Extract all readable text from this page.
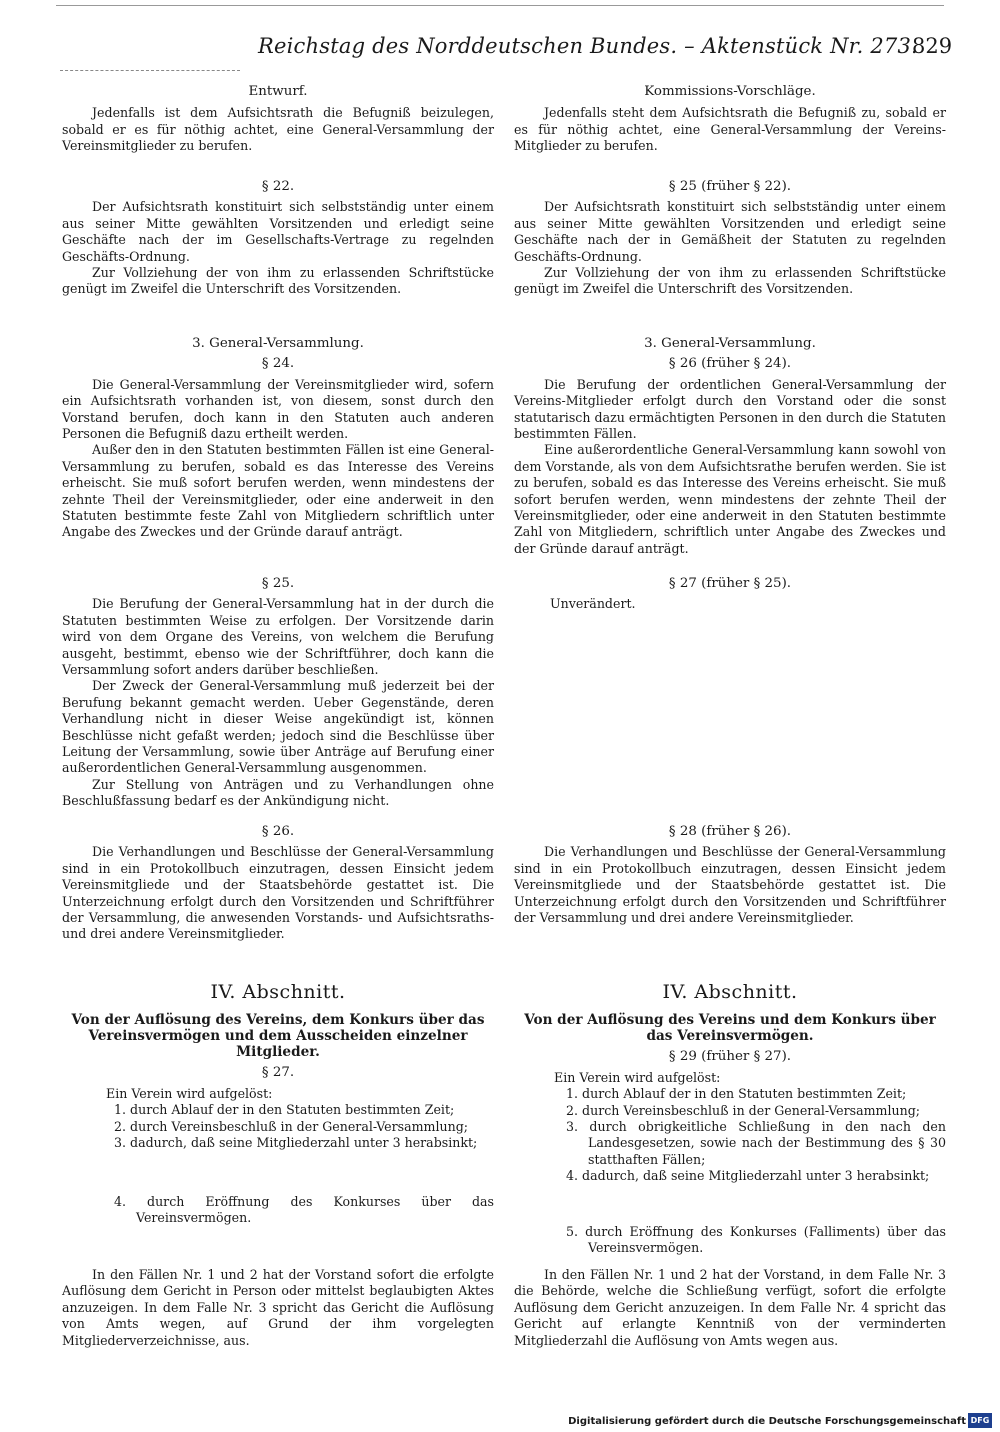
Reichstag des Norddeutschen Bundes. – Aktenstück Nr. 273.
829
Entwurf.

Jedenfalls ist dem Aufsichtsrath die Befugniß beizulegen, sobald er es für nöthig achtet, eine General-Versammlung der Vereinsmitglieder zu berufen.

§ 22.

Der Aufsichtsrath konstituirt sich selbstständig unter einem aus seiner Mitte gewählten Vorsitzenden und erledigt seine Geschäfte nach der im Gesellschafts-Vertrage zu regelnden Geschäfts-Ordnung.

Zur Vollziehung der von ihm zu erlassenden Schriftstücke genügt im Zweifel die Unterschrift des Vorsitzenden.

3. General-Versammlung.
§ 24.

Die General-Versammlung der Vereinsmitglieder wird, sofern ein Aufsichtsrath vorhanden ist, von diesem, sonst durch den Vorstand berufen, doch kann in den Statuten auch anderen Personen die Befugniß dazu ertheilt werden.

Außer den in den Statuten bestimmten Fällen ist eine General-Versammlung zu berufen, sobald es das Interesse des Vereins erheischt. Sie muß sofort berufen werden, wenn mindestens der zehnte Theil der Vereinsmitglieder, oder eine anderweit in den Statuten bestimmte feste Zahl von Mitgliedern schriftlich unter Angabe des Zweckes und der Gründe darauf anträgt.

§ 25.

Die Berufung der General-Versammlung hat in der durch die Statuten bestimmten Weise zu erfolgen. Der Vorsitzende darin wird von dem Organe des Vereins, von welchem die Berufung ausgeht, bestimmt, ebenso wie der Schriftführer, doch kann die Versammlung sofort anders darüber beschließen.

Der Zweck der General-Versammlung muß jederzeit bei der Berufung bekannt gemacht werden. Ueber Gegenstände, deren Verhandlung nicht in dieser Weise angekündigt ist, können Beschlüsse nicht gefaßt werden; jedoch sind die Beschlüsse über Leitung der Versammlung, sowie über Anträge auf Berufung einer außerordentlichen General-Versammlung ausgenommen.

Zur Stellung von Anträgen und zu Verhandlungen ohne Beschlußfassung bedarf es der Ankündigung nicht.

§ 26.

Die Verhandlungen und Beschlüsse der General-Versammlung sind in ein Protokollbuch einzutragen, dessen Einsicht jedem Vereinsmitgliede und der Staatsbehörde gestattet ist. Die Unterzeichnung erfolgt durch den Vorsitzenden und Schriftführer der Versammlung, die anwesenden Vorstands- und Aufsichtsraths- und drei andere Vereinsmitglieder.

IV. Abschnitt.
Von der Auflösung des Vereins, dem Konkurs über das Vereinsvermögen und dem Ausscheiden einzelner Mitglieder.
§ 27.

Ein Verein wird aufgelöst:

1. durch Ablauf der in den Statuten bestimmten Zeit;
2. durch Vereinsbeschluß in der General-Versammlung;
3. dadurch, daß seine Mitgliederzahl unter 3 herabsinkt;
4. durch Eröffnung des Konkurses über das Vereinsvermögen.

In den Fällen Nr. 1 und 2 hat der Vorstand sofort die erfolgte Auflösung dem Gericht in Person oder mittelst beglaubigten Aktes anzuzeigen. In dem Falle Nr. 3 spricht das Gericht die Auflösung von Amts wegen, auf Grund der ihm vorgelegten Mitgliederverzeichnisse, aus.

Kommissions-Vorschläge.

Jedenfalls steht dem Aufsichtsrath die Befugniß zu, sobald er es für nöthig achtet, eine General-Versammlung der Vereins-Mitglieder zu berufen.

§ 25 (früher § 22).

Der Aufsichtsrath konstituirt sich selbstständig unter einem aus seiner Mitte gewählten Vorsitzenden und erledigt seine Geschäfte nach der in Gemäßheit der Statuten zu regelnden Geschäfts-Ordnung.

Zur Vollziehung der von ihm zu erlassenden Schriftstücke genügt im Zweifel die Unterschrift des Vorsitzenden.

3. General-Versammlung.
§ 26 (früher § 24).

Die Berufung der ordentlichen General-Versammlung der Vereins-Mitglieder erfolgt durch den Vorstand oder die sonst statutarisch dazu ermächtigten Personen in den durch die Statuten bestimmten Fällen.

Eine außerordentliche General-Versammlung kann sowohl von dem Vorstande, als von dem Aufsichtsrathe berufen werden. Sie ist zu berufen, sobald es das Interesse des Vereins erheischt. Sie muß sofort berufen werden, wenn mindestens der zehnte Theil der Vereinsmitglieder, oder eine anderweit in den Statuten bestimmte Zahl von Mitgliedern, schriftlich unter Angabe des Zweckes und der Gründe darauf anträgt.

§ 27 (früher § 25).

Unverändert.

§ 28 (früher § 26).

Die Verhandlungen und Beschlüsse der General-Versammlung sind in ein Protokollbuch einzutragen, dessen Einsicht jedem Vereinsmitgliede und der Staatsbehörde gestattet ist. Die Unterzeichnung erfolgt durch den Vorsitzenden und Schriftführer der Versammlung und drei andere Vereinsmitglieder.

IV. Abschnitt.
Von der Auflösung des Vereins und dem Konkurs über das Vereinsvermögen.
§ 29 (früher § 27).

Ein Verein wird aufgelöst:

1. durch Ablauf der in den Statuten bestimmten Zeit;
2. durch Vereinsbeschluß in der General-Versammlung;
3. durch obrigkeitliche Schließung in den nach den Landesgesetzen, sowie nach der Bestimmung des § 30 statthaften Fällen;
4. dadurch, daß seine Mitgliederzahl unter 3 herabsinkt;
5. durch Eröffnung des Konkurses (Falliments) über das Vereinsvermögen.

In den Fällen Nr. 1 und 2 hat der Vorstand, in dem Falle Nr. 3 die Behörde, welche die Schließung verfügt, sofort die erfolgte Auflösung dem Gericht anzuzeigen. In dem Falle Nr. 4 spricht das Gericht auf erlangte Kenntniß von der verminderten Mitgliederzahl die Auflösung von Amts wegen aus.

Digitalisierung gefördert durch die Deutsche Forschungsgemeinschaft DFG
